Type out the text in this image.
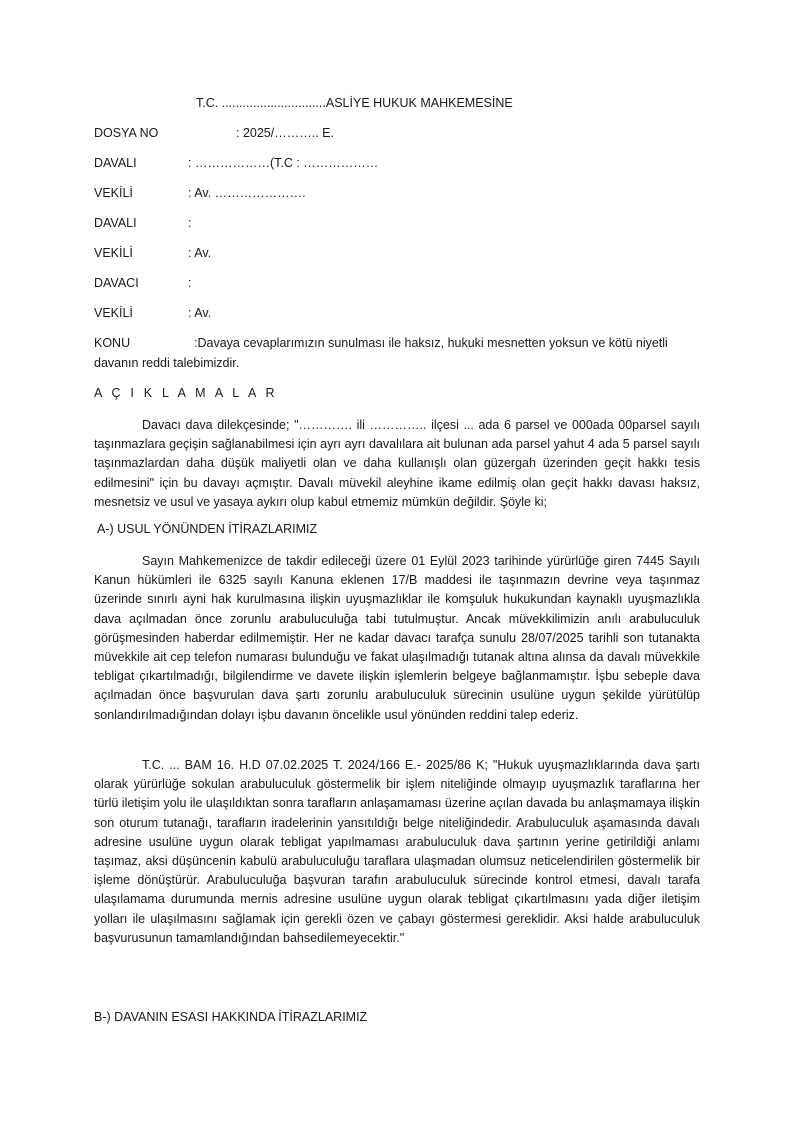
T.C. ..............................ASLİYE HUKUK MAHKEMESİNE
DOSYA NO	: 2025/……….. E.
DAVALI	: ………………(T.C : ………………
VEKİLİ	: Av. ………………….
DAVALI	:
VEKİLİ	: Av.
DAVACI	:
VEKİLİ	: Av.
KONU	:Davaya cevaplarımızın sunulması ile haksız, hukuki mesnetten yoksun ve kötü niyetli
davanın reddi talebimizdir.
A Ç I K L A M A L A R

Davacı dava dilekçesinde; "…………. ili ………….. ilçesi ... ada 6 parsel ve 000ada 00parsel sayılı taşınmazlara geçişin sağlanabilmesi için ayrı ayrı davalılara ait bulunan ada parsel yahut 4 ada 5 parsel sayılı taşınmazlardan daha düşük maliyetli olan ve daha kullanışlı olan güzergah üzerinden geçit hakkı tesis edilmesini" için bu davayı açmıştır. Davalı müvekil aleyhine ikame edilmiş olan geçit hakkı davası haksız, mesnetsiz ve usul ve yasaya aykırı olup kabul etmemiz mümkün değildir. Şöyle ki;

A-) USUL YÖNÜNDEN İTİRAZLARIMIZ

Sayın Mahkemenizce de takdir edileceği üzere 01 Eylül 2023 tarihinde yürürlüğe giren 7445 Sayılı Kanun hükümleri ile 6325 sayılı Kanuna eklenen 17/B maddesi ile taşınmazın devrine veya taşınmaz üzerinde sınırlı ayni hak kurulmasına ilişkin uyuşmazlıklar ile komşuluk hukukundan kaynaklı uyuşmazlıkla dava açılmadan önce zorunlu arabuluculuğa tabi tutulmuştur. Ancak müvekkilimizin anılı arabuluculuk görüşmesinden haberdar edilmemiştir. Her ne kadar davacı tarafça sunulu 28/07/2025 tarihli son tutanakta müvekkile ait cep telefon numarası bulunduğu ve fakat ulaşılmadığı tutanak altına alınsa da davalı müvekkile tebligat çıkartılmadığı, bilgilendirme ve davete ilişkin işlemlerin belgeye bağlanmamıştır. İşbu sebeple dava açılmadan önce başvurulan dava şartı zorunlu arabuluculuk sürecinin usulüne uygun şekilde yürütülüp sonlandırılmadığından dolayı işbu davanın öncelikle usul yönünden reddini talep ederiz.

T.C. ... BAM 16. H.D 07.02.2025 T. 2024/166 E.- 2025/86 K; "Hukuk uyuşmazlıklarında dava şartı olarak yürürlüğe sokulan arabuluculuk göstermelik bir işlem niteliğinde olmayıp uyuşmazlık taraflarına her türlü iletişim yolu ile ulaşıldıktan sonra tarafların anlaşamaması üzerine açılan davada bu anlaşmamaya ilişkin son oturum tutanağı, tarafların iradelerinin yansıtıldığı belge niteliğindedir. Arabuluculuk aşamasında davalı adresine usulüne uygun olarak tebligat yapılmaması arabuluculuk dava şartının yerine getirildiği anlamı taşımaz, aksi düşüncenin kabulü arabuluculuğu taraflara ulaşmadan olumsuz neticelendirilen göstermelik bir işleme dönüştürür. Arabuluculuğa başvuran tarafın arabuluculuk sürecinde kontrol etmesi, davalı tarafa ulaşılamama durumunda mernis adresine usulüne uygun olarak tebligat çıkartılmasını yada diğer iletişim yolları ile ulaşılmasını sağlamak için gerekli özen ve çabayı göstermesi gereklidir. Aksi halde arabuluculuk başvurusunun tamamlandığından bahsedilemeyecektir."

B-) DAVANIN ESASI HAKKINDA İTİRAZLARIMIZ
